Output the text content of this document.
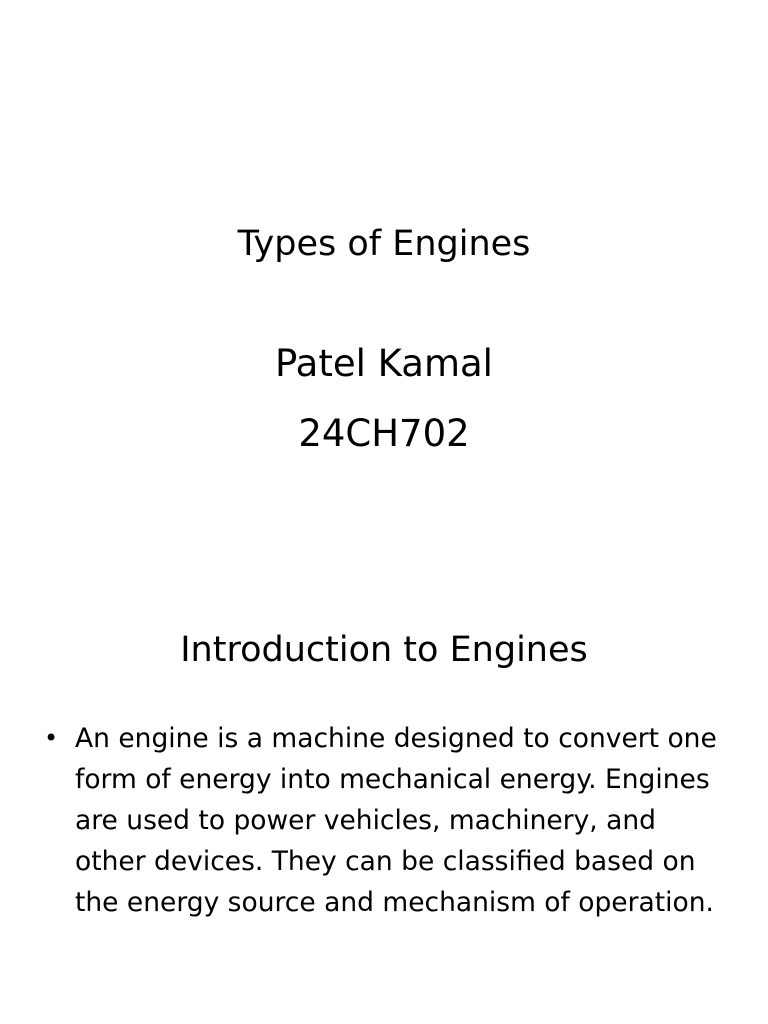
Types of Engines
Patel Kamal
24CH702
Introduction to Engines
• An engine is a machine designed to convert one form of energy into mechanical energy. Engines are used to power vehicles, machinery, and other devices. They can be classified based on the energy source and mechanism of operation.
